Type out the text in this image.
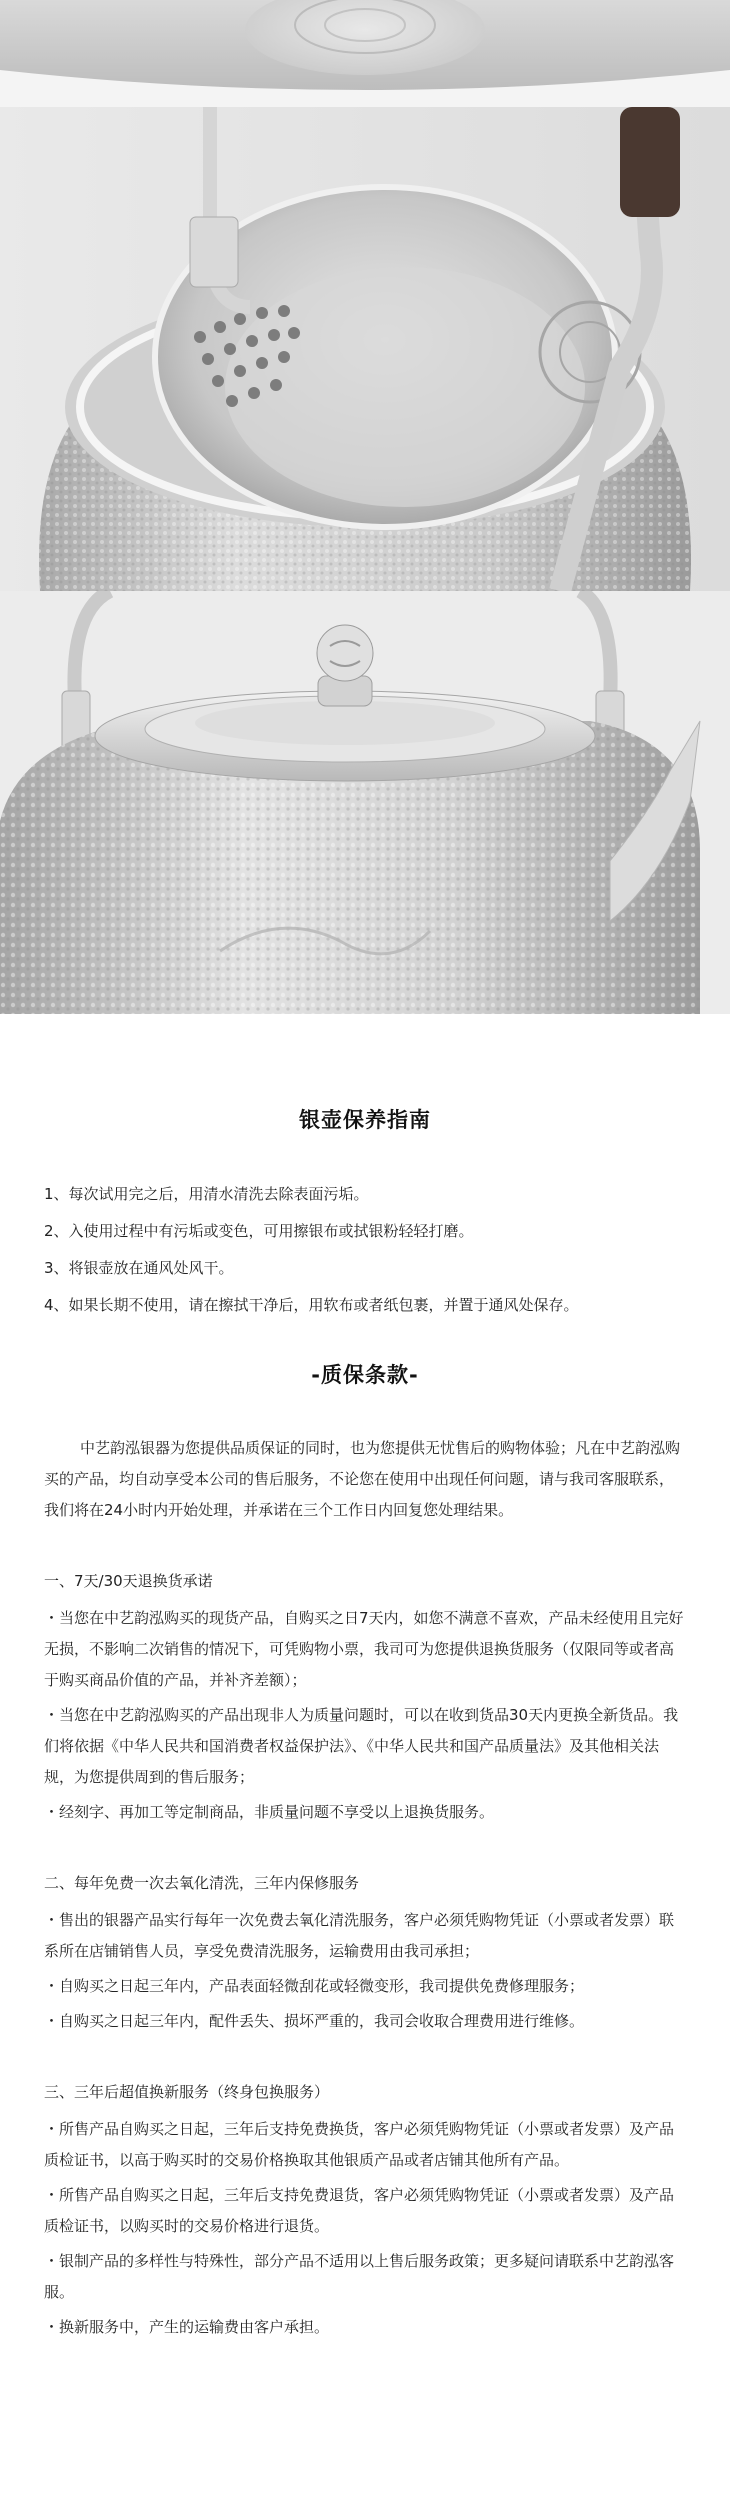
银壶保养指南
1、每次试用完之后，用清水清洗去除表面污垢。
2、入使用过程中有污垢或变色，可用擦银布或拭银粉轻轻打磨。
3、将银壶放在通风处风干。
4、如果长期不使用，请在擦拭干净后，用软布或者纸包裹，并置于通风处保存。
-质保条款-

中艺韵泓银器为您提供品质保证的同时，也为您提供无忧售后的购物体验；凡在中艺韵泓购买的产品，均自动享受本公司的售后服务，不论您在使用中出现任何问题，请与我司客服联系，我们将在24小时内开始处理，并承诺在三个工作日内回复您处理结果。

一、7天/30天退换货承诺

・当您在中艺韵泓购买的现货产品，自购买之日7天内，如您不满意不喜欢，产品未经使用且完好无损，不影响二次销售的情况下，可凭购物小票，我司可为您提供退换货服务（仅限同等或者高于购买商品价值的产品，并补齐差额）；

・当您在中艺韵泓购买的产品出现非人为质量问题时，可以在收到货品30天内更换全新货品。我们将依据《中华人民共和国消费者权益保护法》、《中华人民共和国产品质量法》及其他相关法规，为您提供周到的售后服务；

・经刻字、再加工等定制商品，非质量问题不享受以上退换货服务。

二、每年免费一次去氧化清洗，三年内保修服务

・售出的银器产品实行每年一次免费去氧化清洗服务，客户必须凭购物凭证（小票或者发票）联系所在店铺销售人员，享受免费清洗服务，运输费用由我司承担；

・自购买之日起三年内，产品表面轻微刮花或轻微变形，我司提供免费修理服务；

・自购买之日起三年内，配件丢失、损坏严重的，我司会收取合理费用进行维修。

三、三年后超值换新服务（终身包换服务）

・所售产品自购买之日起，三年后支持免费换货，客户必须凭购物凭证（小票或者发票）及产品质检证书，以高于购买时的交易价格换取其他银质产品或者店铺其他所有产品。

・所售产品自购买之日起，三年后支持免费退货，客户必须凭购物凭证（小票或者发票）及产品质检证书，以购买时的交易价格进行退货。

・银制产品的多样性与特殊性，部分产品不适用以上售后服务政策；更多疑问请联系中艺韵泓客服。

・换新服务中，产生的运输费由客户承担。
